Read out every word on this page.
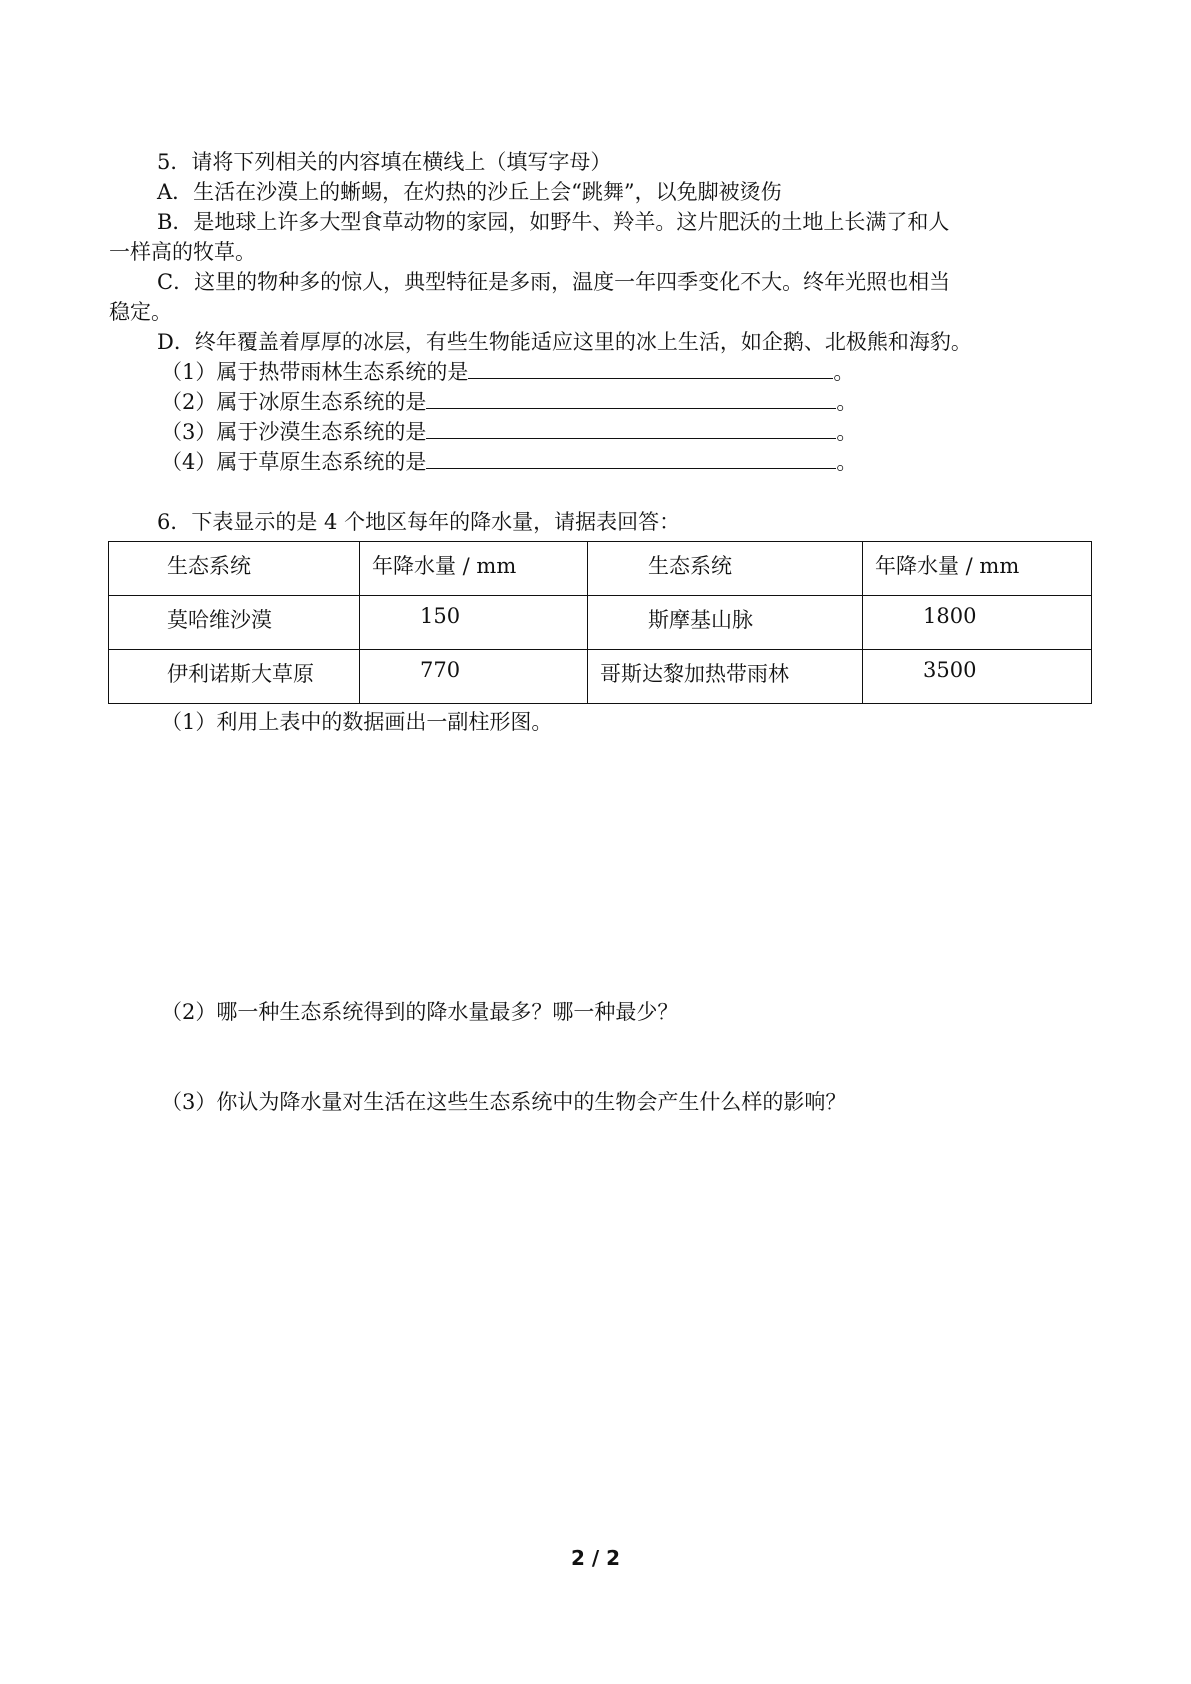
5．请将下列相关的内容填在横线上（填写字母）
A．生活在沙漠上的蜥蜴，在灼热的沙丘上会“跳舞”，以免脚被烫伤
B．是地球上许多大型食草动物的家园，如野牛、羚羊。这片肥沃的土地上长满了和人
一样高的牧草。
C．这里的物种多的惊人，典型特征是多雨，温度一年四季变化不大。终年光照也相当
稳定。
D．终年覆盖着厚厚的冰层，有些生物能适应这里的冰上生活，如企鹅、北极熊和海豹。
（1）属于热带雨林生态系统的是	。
（2）属于冰原生态系统的是	。
（3）属于沙漠生态系统的是	。
（4）属于草原生态系统的是	。
6．下表显示的是 4 个地区每年的降水量，请据表回答：
生态系统	年降水量 / mm	生态系统	年降水量 / mm
莫哈维沙漠	150	斯摩基山脉	1800
伊利诺斯大草原	770	哥斯达黎加热带雨林	3500
（1）利用上表中的数据画出一副柱形图。
（2）哪一种生态系统得到的降水量最多？哪一种最少？
（3）你认为降水量对生活在这些生态系统中的生物会产生什么样的影响？
2 / 2
